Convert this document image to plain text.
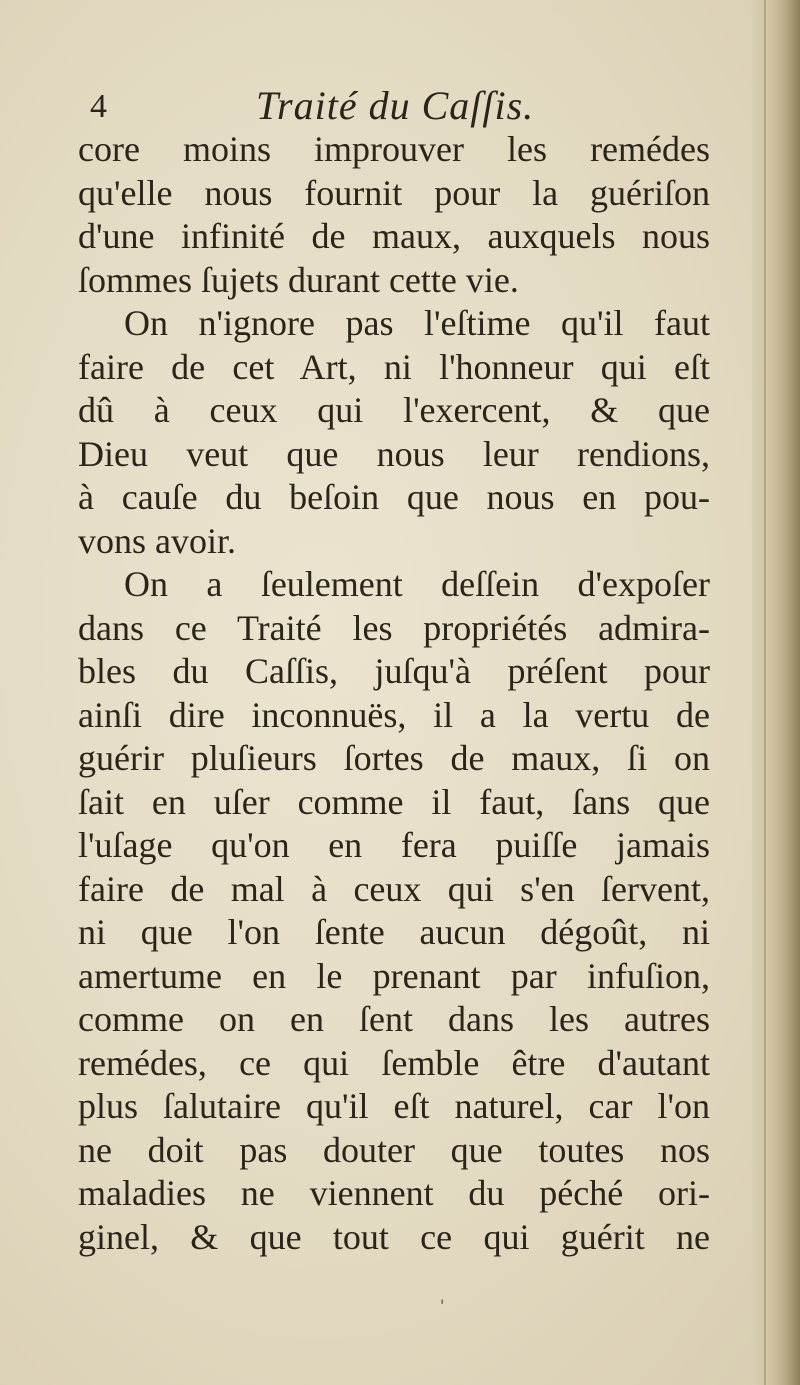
4	Traité du Caſſis.
core moins improuver les remédes
qu'elle nous fournit pour la guériſon
d'une infinité de maux, auxquels nous
ſommes ſujets durant cette vie.
On n'ignore pas l'eſtime qu'il faut
faire de cet Art, ni l'honneur qui eſt
dû à ceux qui l'exercent, & que
Dieu veut que nous leur rendions,
à cauſe du beſoin que nous en pou-
vons avoir.
On a ſeulement deſſein d'expoſer
dans ce Traité les propriétés admira-
bles du Caſſis, juſqu'à préſent pour
ainſi dire inconnuës, il a la vertu de
guérir pluſieurs ſortes de maux, ſi on
ſait en uſer comme il faut, ſans que
l'uſage qu'on en fera puiſſe jamais
faire de mal à ceux qui s'en ſervent,
ni que l'on ſente aucun dégoût, ni
amertume en le prenant par infuſion,
comme on en ſent dans les autres
remédes, ce qui ſemble être d'autant
plus ſalutaire qu'il eſt naturel, car l'on
ne doit pas douter que toutes nos
maladies ne viennent du péché ori-
ginel, & que tout ce qui guérit ne
'
